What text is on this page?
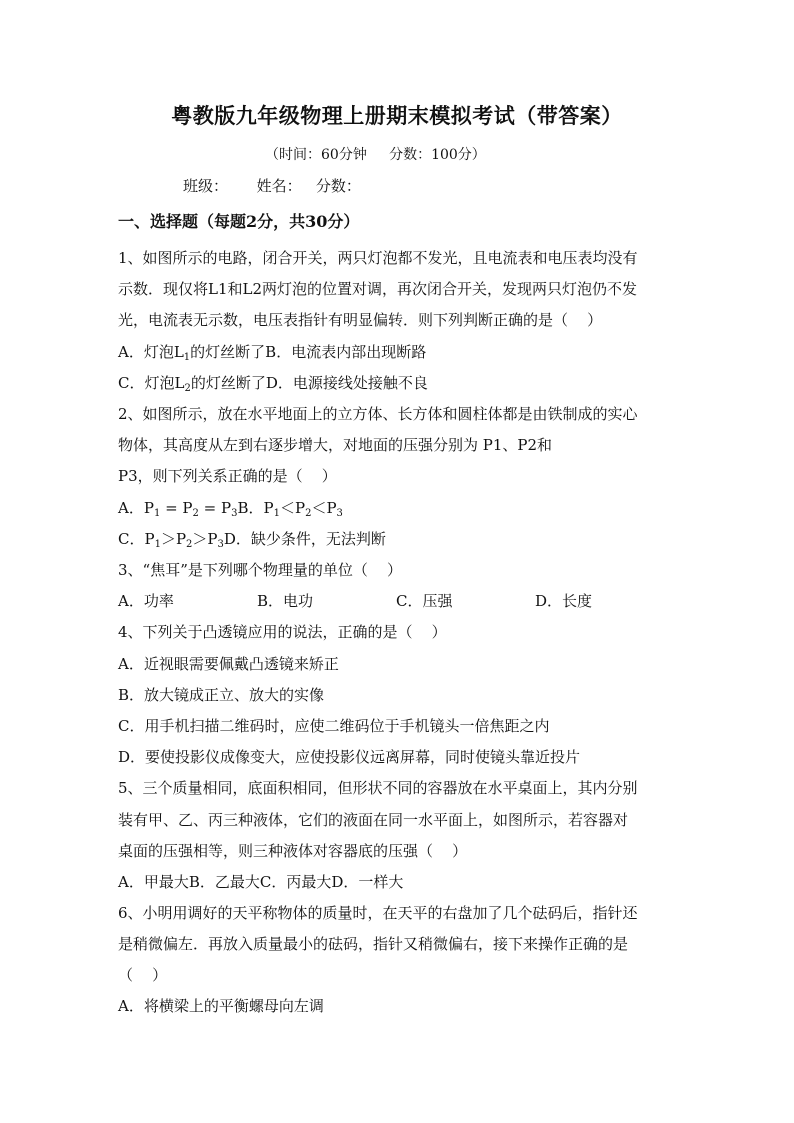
粤教版九年级物理上册期末模拟考试（带答案）
（时间：60分钟     分数：100分）
班级：      姓名：   分数：
一、选择题（每题2分，共30分）
1、如图所示的电路，闭合开关，两只灯泡都不发光，且电流表和电压表均没有
示数．现仅将L1和L2两灯泡的位置对调，再次闭合开关，发现两只灯泡仍不发
光，电流表无示数，电压表指针有明显偏转．则下列判断正确的是（    ）
A．灯泡$L_1$的灯丝断了B．电流表内部出现断路
C．灯泡$L_2$的灯丝断了D．电源接线处接触不良
2、如图所示，放在水平地面上的立方体、长方体和圆柱体都是由铁制成的实心
物体，其高度从左到右逐步增大，对地面的压强分别为 P1、P2和
P3，则下列关系正确的是（    ）
A．$P_1 = P_2 = P_3B$．$P_1<P_2<P_3$
C．$P_1>P_2>P_3D$．缺少条件，无法判断
3、“焦耳”是下列哪个物理量的单位（    ）
A．功率	B．电功	C．压强	D．长度
4、下列关于凸透镜应用的说法，正确的是（    ）
A．近视眼需要佩戴凸透镜来矫正
B．放大镜成正立、放大的实像
C．用手机扫描二维码时，应使二维码位于手机镜头一倍焦距之内
D．要使投影仪成像变大，应使投影仪远离屏幕，同时使镜头靠近投片
5、三个质量相同，底面积相同，但形状不同的容器放在水平桌面上，其内分别
装有甲、乙、丙三种液体，它们的液面在同一水平面上，如图所示，若容器对
桌面的压强相等，则三种液体对容器底的压强（    ）
A．甲最大B．乙最大C．丙最大D．一样大
6、小明用调好的天平称物体的质量时，在天平的右盘加了几个砝码后，指针还
是稍微偏左．再放入质量最小的砝码，指针又稍微偏右，接下来操作正确的是
（    ）
A．将横梁上的平衡螺母向左调
